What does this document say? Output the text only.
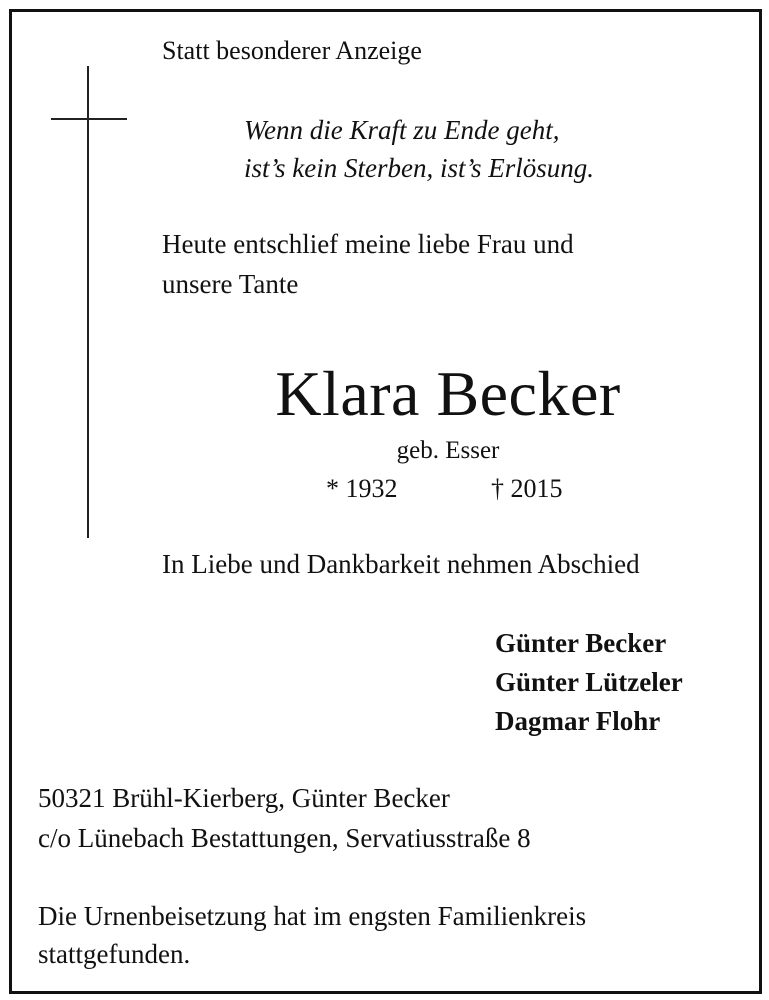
Statt besonderer Anzeige

Wenn die Kraft zu Ende geht,

ist’s kein Sterben, ist’s Erlösung.

Heute entschlief meine liebe Frau und

unsere Tante

Klara Becker

geb. Esser

* 1932	† 2015

In Liebe und Dankbarkeit nehmen Abschied

Günter Becker

Günter Lützeler

Dagmar Flohr

50321 Brühl-Kierberg, Günter Becker

c/o Lünebach Bestattungen, Servatiusstraße 8

Die Urnenbeisetzung hat im engsten Familienkreis

stattgefunden.
